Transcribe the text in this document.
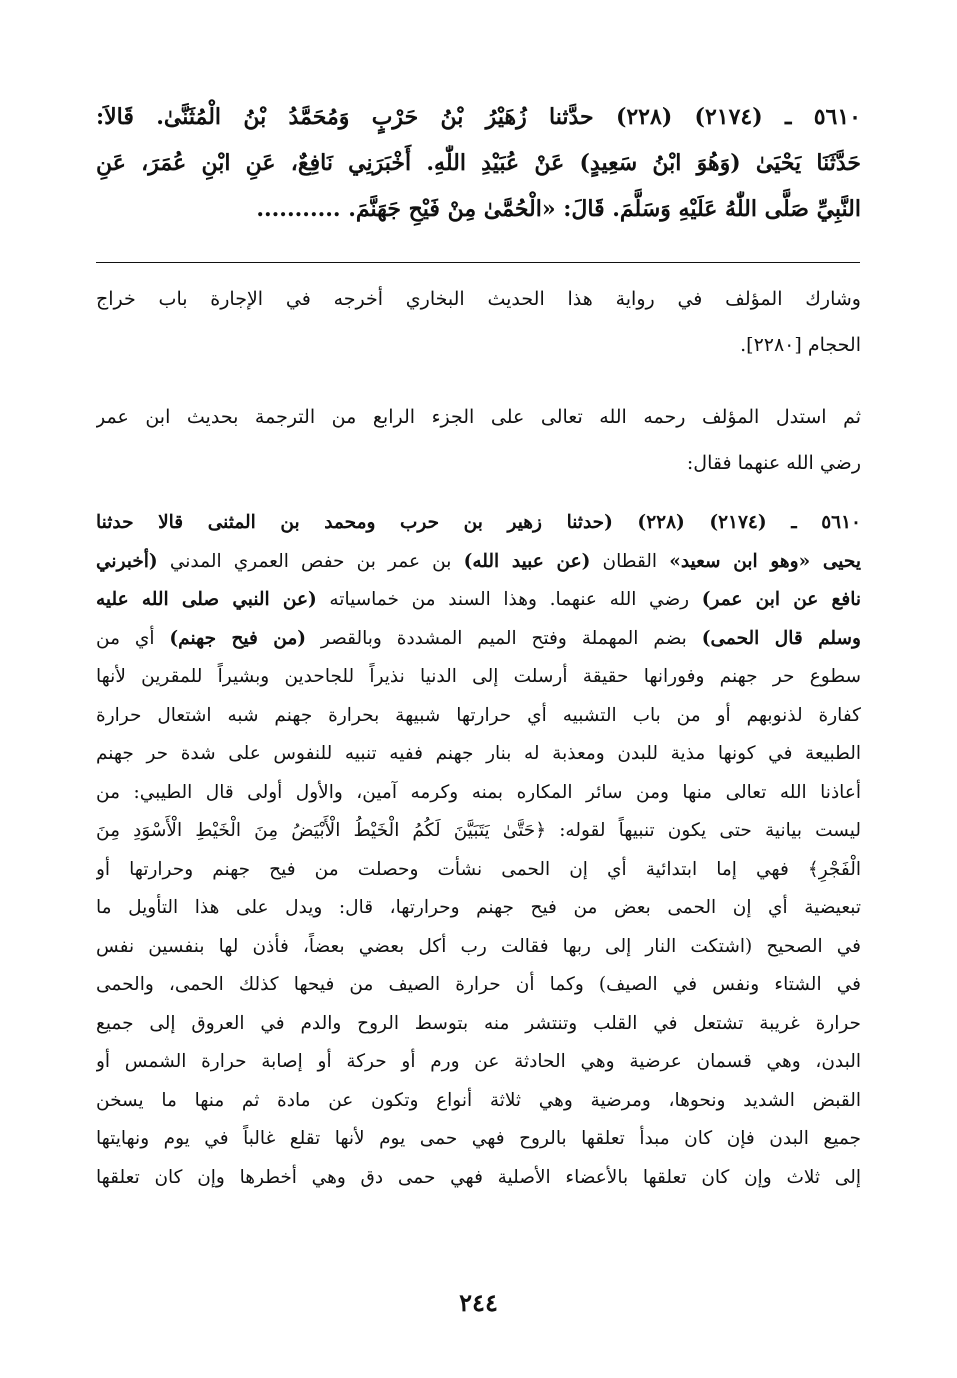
٥٦١٠ ـ (٢١٧٤) (٢٢٨) حدَّثنا زُهَيْرُ بْنُ حَرْبٍ وَمُحَمَّدُ بْنُ الْمُثَنَّىٰ. قَالاَ:
حَدَّثَنَا يَحْيَىٰ (وَهُوَ ابْنُ سَعِيدٍ) عَنْ عُبَيْدِ اللّٰهِ. أَخْبَرَنِي نَافِعٌ، عَنِ ابْنِ عُمَرَ، عَنِ
النَّبِيِّ صَلَّى اللّٰهُ عَلَيْهِ وَسَلَّمَ. قَالَ: «الْحُمَّىٰ مِنْ فَيْحِ جَهَنَّمَ. ...........
وشارك المؤلف في رواية هذا الحديث البخاري أخرجه في الإجارة باب خراج
الحجام [٢٢٨٠].
ثم استدل المؤلف رحمه الله تعالى على الجزء الرابع من الترجمة بحديث ابن عمر
رضي الله عنهما فقال:
٥٦١٠ ـ (٢١٧٤) (٢٢٨) (حدثنا زهير بن حرب ومحمد بن المثنى قالا حدثنا
يحيى «وهو ابن سعيد» القطان (عن عبيد الله) بن عمر بن حفص العمري المدني (أخبرني
نافع عن ابن عمر) رضي الله عنهما. وهذا السند من خماسياته (عن النبي صلى الله عليه
وسلم قال الحمى) بضم المهملة وفتح الميم المشددة وبالقصر (من فيح جهنم) أي من
سطوع حر جهنم وفورانها حقيقة أرسلت إلى الدنيا نذيراً للجاحدين وبشيراً للمقرين لأنها
كفارة لذنوبهم أو من باب التشبيه أي حرارتها شبيهة بحرارة جهنم شبه اشتعال حرارة
الطبيعة في كونها مذية للبدن ومعذبة له بنار جهنم ففيه تنبيه للنفوس على شدة حر جهنم
أعاذنا الله تعالى منها ومن سائر المكاره بمنه وكرمه آمين، والأول أولى قال الطيبي: من
ليست بيانية حتى يكون تنبيهاً لقوله: ﴿حَتَّىٰ يَتَبَيَّنَ لَكُمُ الْخَيْطُ الْأَبْيَضُ مِنَ الْخَيْطِ الْأَسْوَدِ مِنَ
الْفَجْرِ﴾ فهي إما ابتدائية أي إن الحمى نشأت وحصلت من فيح جهنم وحرارتها أو
تبعيضية أي إن الحمى بعض من فيح جهنم وحرارتها، قال: ويدل على هذا التأويل ما
في الصحيح (اشتكت النار إلى ربها فقالت رب أكل بعضي بعضاً، فأذن لها بنفسين نفس
في الشتاء ونفس في الصيف) وكما أن حرارة الصيف من فيحها كذلك الحمى، والحمى
حرارة غريبة تشتعل في القلب وتنتشر منه بتوسط الروح والدم في العروق إلى جميع
البدن، وهي قسمان عرضية وهي الحادثة عن ورم أو حركة أو إصابة حرارة الشمس أو
القبض الشديد ونحوها، ومرضية وهي ثلاثة أنواع وتكون عن مادة ثم منها ما يسخن
جميع البدن فإن كان مبدأ تعلقها بالروح فهي حمى يوم لأنها تقلع غالباً في يوم ونهايتها
إلى ثلاث وإن كان تعلقها بالأعضاء الأصلية فهي حمى دق وهي أخطرها وإن كان تعلقها
٢٤٤
